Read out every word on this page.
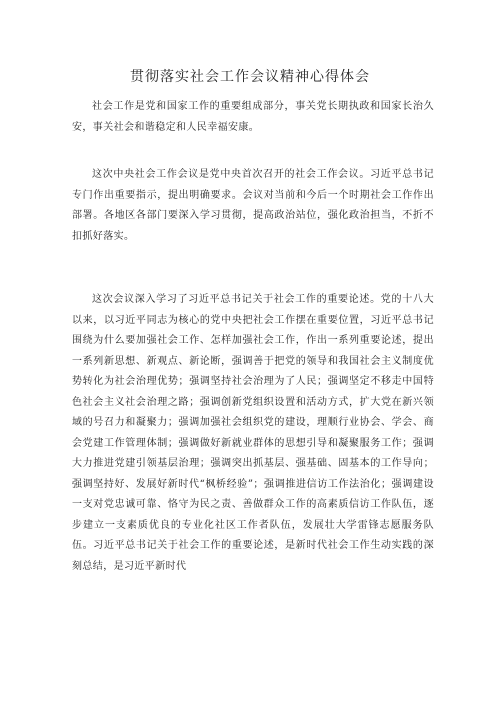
贯彻落实社会工作会议精神心得体会

社会工作是党和国家工作的重要组成部分，事关党长期执政和国家长治久安，事关社会和谐稳定和人民幸福安康。

这次中央社会工作会议是党中央首次召开的社会工作会议。习近平总书记专门作出重要指示，提出明确要求。会议对当前和今后一个时期社会工作作出部署。各地区各部门要深入学习贯彻，提高政治站位，强化政治担当，不折不扣抓好落实。

这次会议深入学习了习近平总书记关于社会工作的重要论述。党的十八大以来，以习近平同志为核心的党中央把社会工作摆在重要位置，习近平总书记围绕为什么要加强社会工作、怎样加强社会工作，作出一系列重要论述，提出一系列新思想、新观点、新论断，强调善于把党的领导和我国社会主义制度优势转化为社会治理优势；强调坚持社会治理为了人民；强调坚定不移走中国特色社会主义社会治理之路；强调创新党组织设置和活动方式，扩大党在新兴领域的号召力和凝聚力；强调加强社会组织党的建设，理顺行业协会、学会、商会党建工作管理体制；强调做好新就业群体的思想引导和凝聚服务工作；强调大力推进党建引领基层治理；强调突出抓基层、强基础、固基本的工作导向；强调坚持好、发展好新时代“枫桥经验”；强调推进信访工作法治化；强调建设一支对党忠诚可靠、恪守为民之责、善做群众工作的高素质信访工作队伍，逐步建立一支素质优良的专业化社区工作者队伍，发展壮大学雷锋志愿服务队伍。习近平总书记关于社会工作的重要论述，是新时代社会工作生动实践的深刻总结，是习近平新时代
